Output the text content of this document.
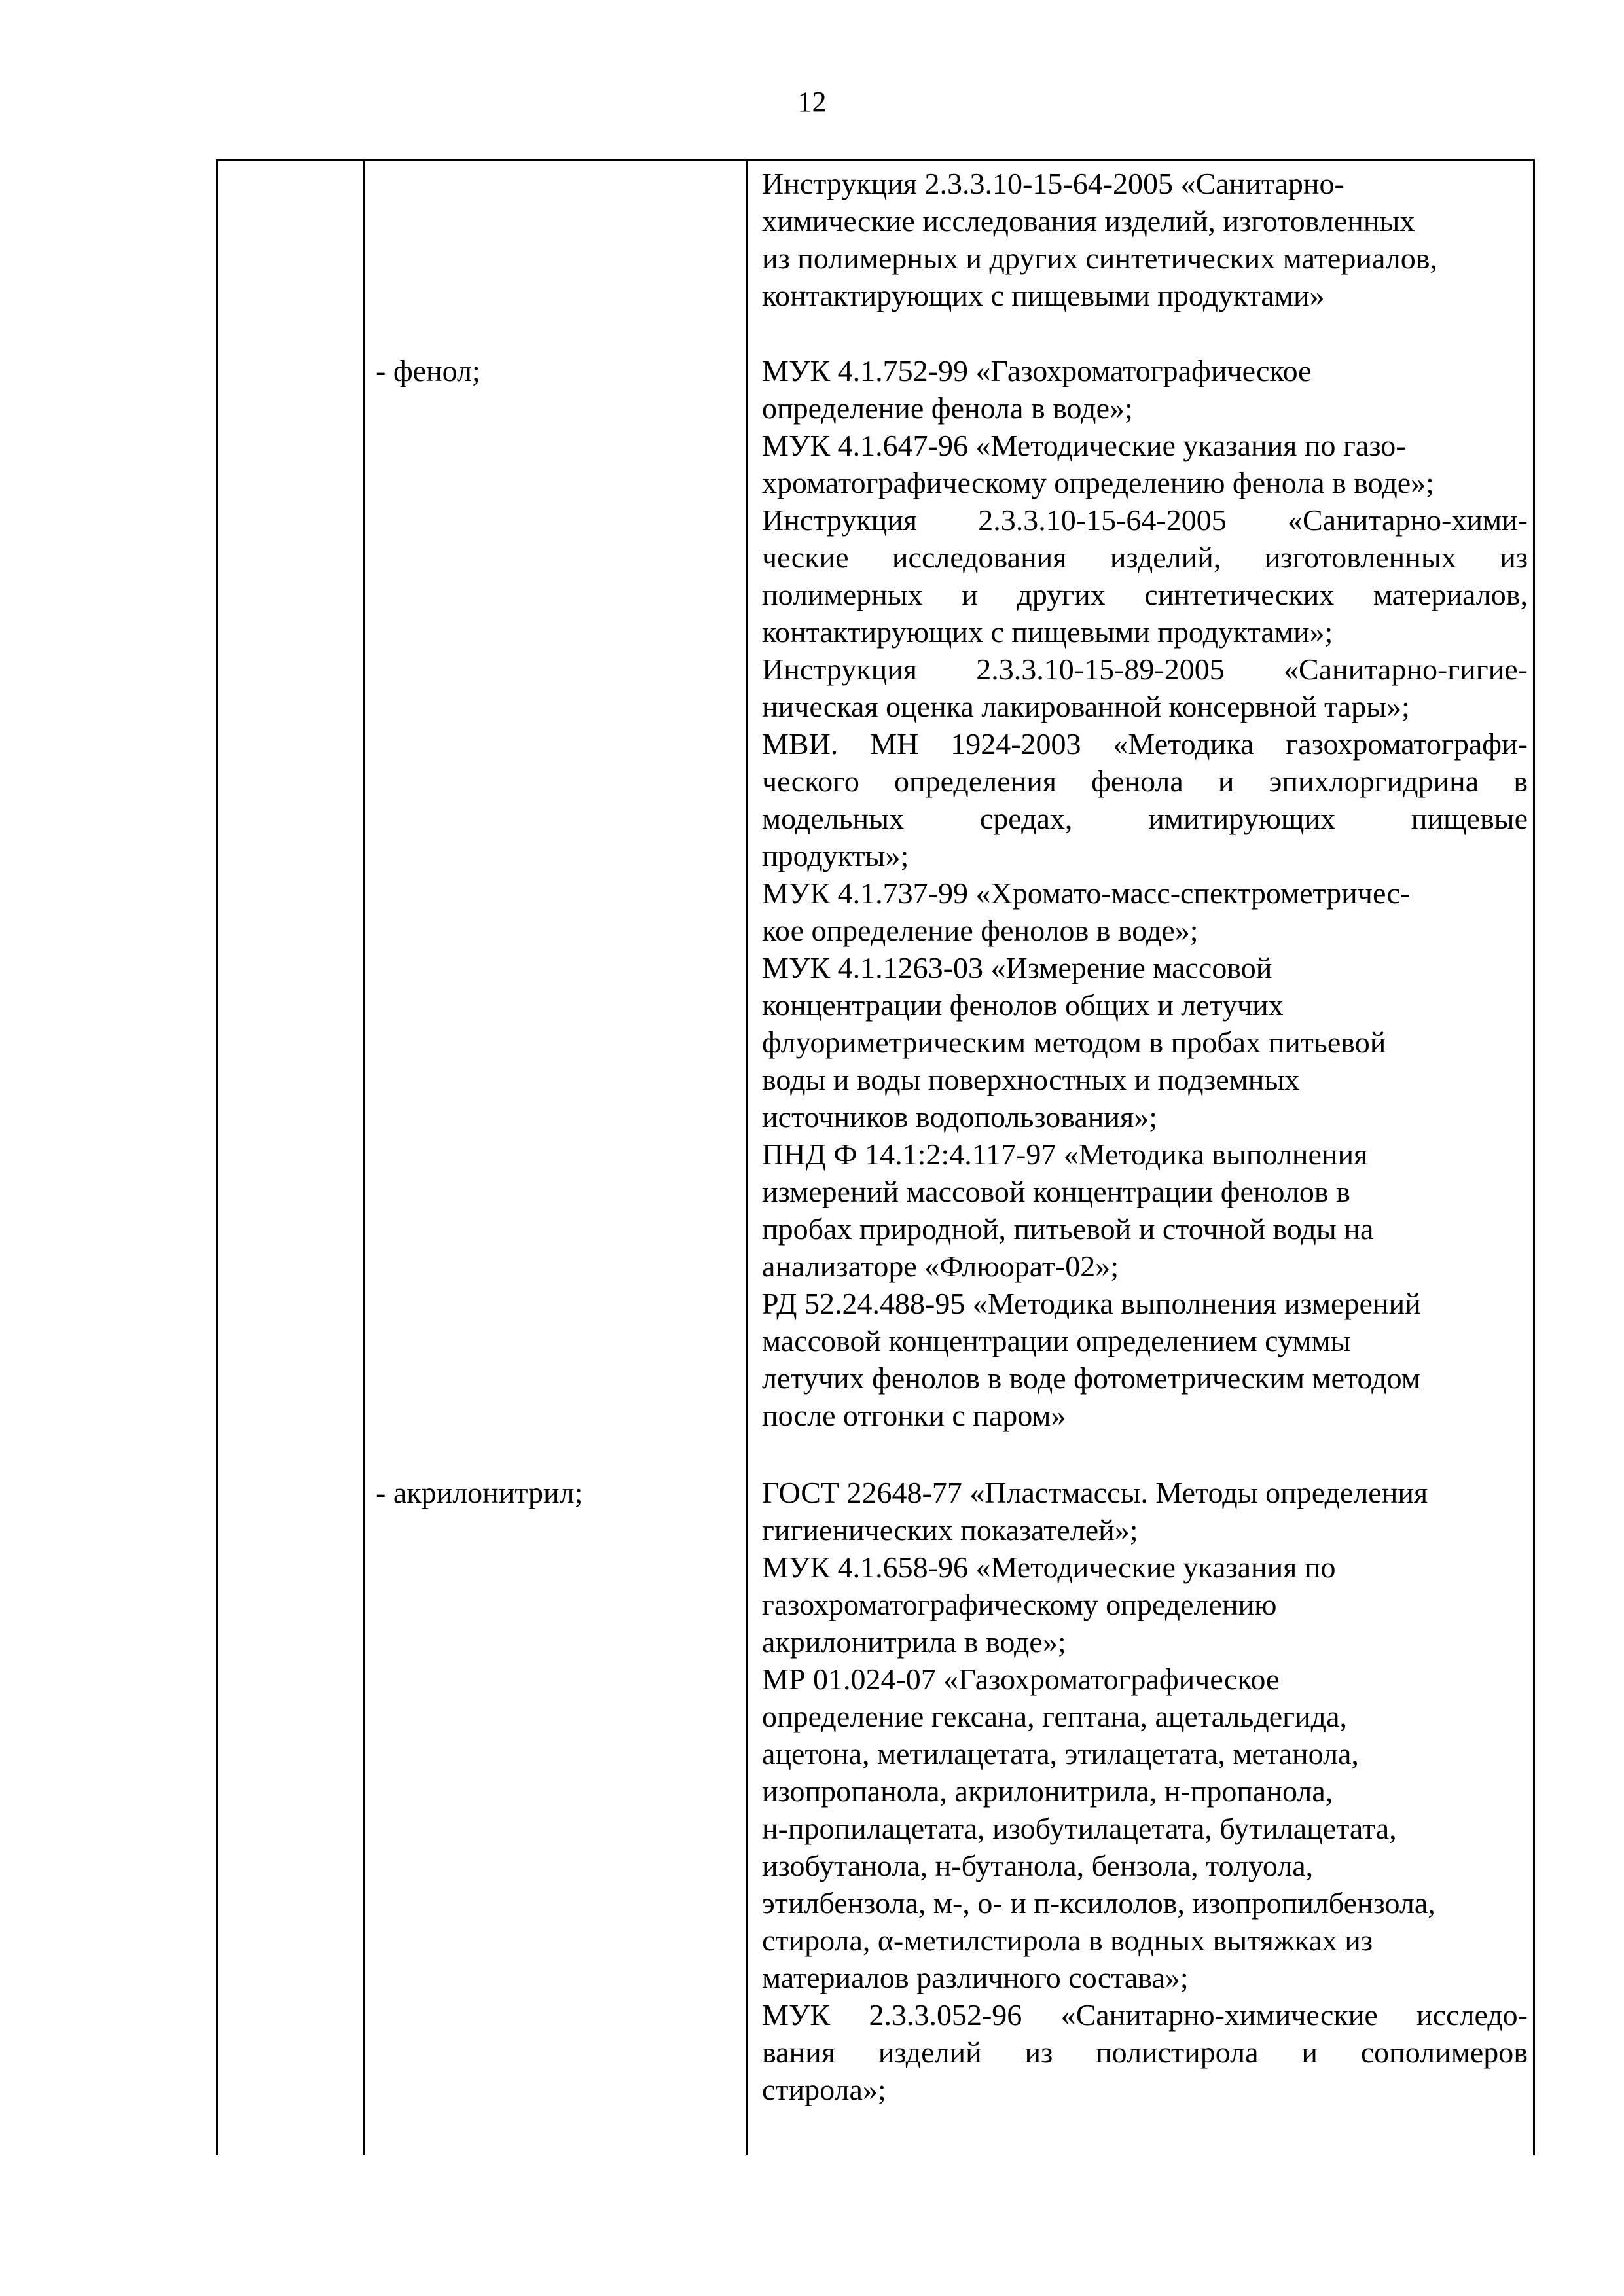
12
Инструкция 2.3.3.10-15-64-2005 «Санитарно-
химические исследования изделий, изготовленных
из полимерных и других синтетических материалов,
контактирующих с пищевыми продуктами»
- фенол;	МУК 4.1.752-99 «Газохроматографическое
определение фенола в воде»;
МУК 4.1.647-96 «Методические указания по газо-
хроматографическому определению фенола в воде»;
Инструкция 2.3.3.10-15-64-2005 «Санитарно-хими-
ческие исследования изделий, изготовленных из
полимерных и других синтетических материалов,
контактирующих с пищевыми продуктами»;
Инструкция 2.3.3.10-15-89-2005 «Санитарно-гигие-
ническая оценка лакированной консервной тары»;
МВИ. МН 1924-2003 «Методика газохроматографи-
ческого определения фенола и эпихлоргидрина в
модельных средах, имитирующих пищевые
продукты»;
МУК 4.1.737-99 «Хромато-масс-спектрометричес-
кое определение фенолов в воде»;
МУК 4.1.1263-03 «Измерение массовой
концентрации фенолов общих и летучих
флуориметрическим методом в пробах питьевой
воды и воды поверхностных и подземных
источников водопользования»;
ПНД Ф 14.1:2:4.117-97 «Методика выполнения
измерений массовой концентрации фенолов в
пробах природной, питьевой и сточной воды на
анализаторе «Флюорат-02»;
РД 52.24.488-95 «Методика выполнения измерений
массовой концентрации определением суммы
летучих фенолов в воде фотометрическим методом
после отгонки с паром»
- акрилонитрил;	ГОСТ 22648-77 «Пластмассы. Методы определения
гигиенических показателей»;
МУК 4.1.658-96 «Методические указания по
газохроматографическому определению
акрилонитрила в воде»;
МР 01.024-07 «Газохроматографическое
определение гексана, гептана, ацетальдегида,
ацетона, метилацетата, этилацетата, метанола,
изопропанола, акрилонитрила, н-пропанола,
н-пропилацетата, изобутилацетата, бутилацетата,
изобутанола, н-бутанола, бензола, толуола,
этилбензола, м-, о- и п-ксилолов, изопропилбензола,
стирола, α-метилстирола в водных вытяжках из
материалов различного состава»;
МУК 2.3.3.052-96 «Санитарно-химические исследо-
вания изделий из полистирола и сополимеров
стирола»;
